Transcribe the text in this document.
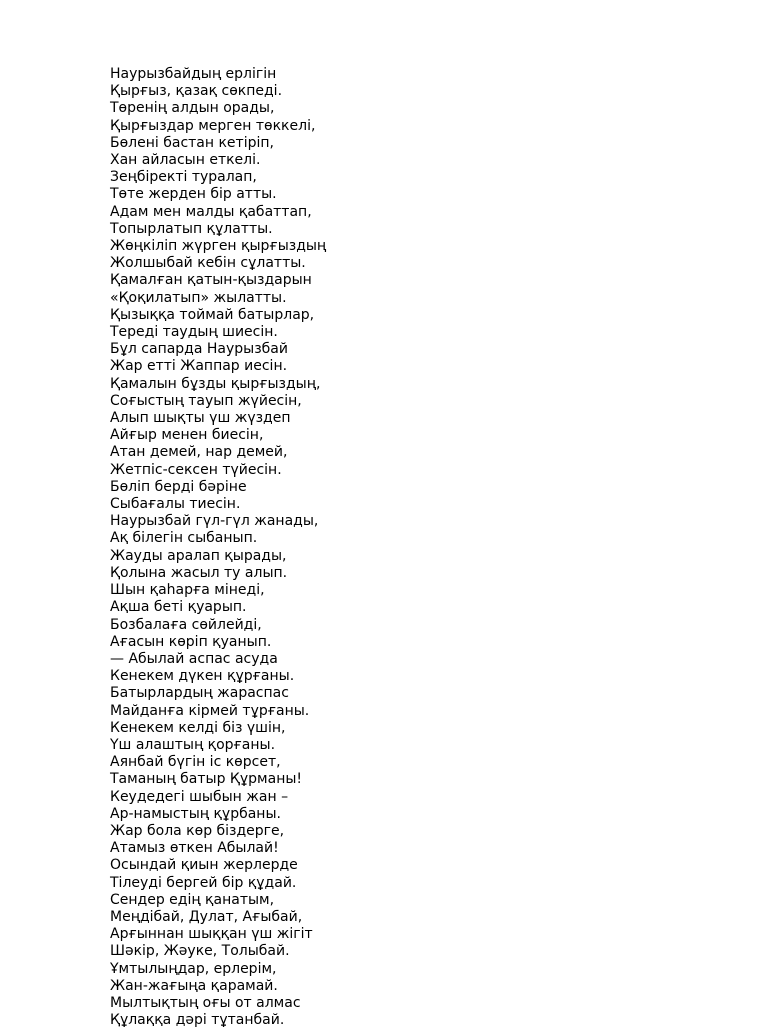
Наурызбайдың ерлігін
Қырғыз, қазақ сөкпеді.
Төренің алдын орады,
Қырғыздар мерген төккелі,
Бөлені бастан кетіріп,
Хан айласын еткелі.
Зеңбіректі туралап,
Төте жерден бір атты.
Адам мен малды қабаттап,
Топырлатып құлатты.
Жөңкіліп жүрген қырғыздың
Жолшыбай кебін сұлатты.
Қамалған қатын-қыздарын
«Қоқилатып» жылатты.
Қызыққа тоймай батырлар,
Тереді таудың шиесін.
Бұл сапарда Наурызбай
Жар етті Жаппар иесін.
Қамалын бұзды қырғыздың,
Соғыстың тауып жүйесін,
Алып шықты үш жүздеп
Айғыр менен биесін,
Атан демей, нар демей,
Жетпіс-сексен түйесін.
Бөліп берді бәріне
Сыбағалы тиесін.
Наурызбай гүл-гүл жанады,
Ақ білегін сыбанып.
Жауды аралап қырады,
Қолына жасыл ту алып.
Шын қаһарға мінеді,
Ақша беті қуарып.
Бозбалаға сөйлейді,
Ағасын көріп қуанып.
— Абылай аспас асуда
Кенекем дүкен құрғаны.
Батырлардың жараспас
Майданға кірмей тұрғаны.
Кенекем келді біз үшін,
Үш алаштың қорғаны.
Аянбай бүгін іс көрсет,
Таманың батыр Құрманы!
Кеудедегі шыбын жан –
Ар-намыстың құрбаны.
Жар бола көр біздерге,
Атамыз өткен Абылай!
Осындай қиын жерлерде
Тілеуді бергей бір құдай.
Сендер едің қанатым,
Меңдібай, Дулат, Ағыбай,
Арғыннан шыққан үш жігіт
Шәкір, Жәуке, Толыбай.
Ұмтылыңдар, ерлерім,
Жан-жағыңа қарамай.
Мылтықтың оғы от алмас
Құлаққа дәрі тұтанбай.
